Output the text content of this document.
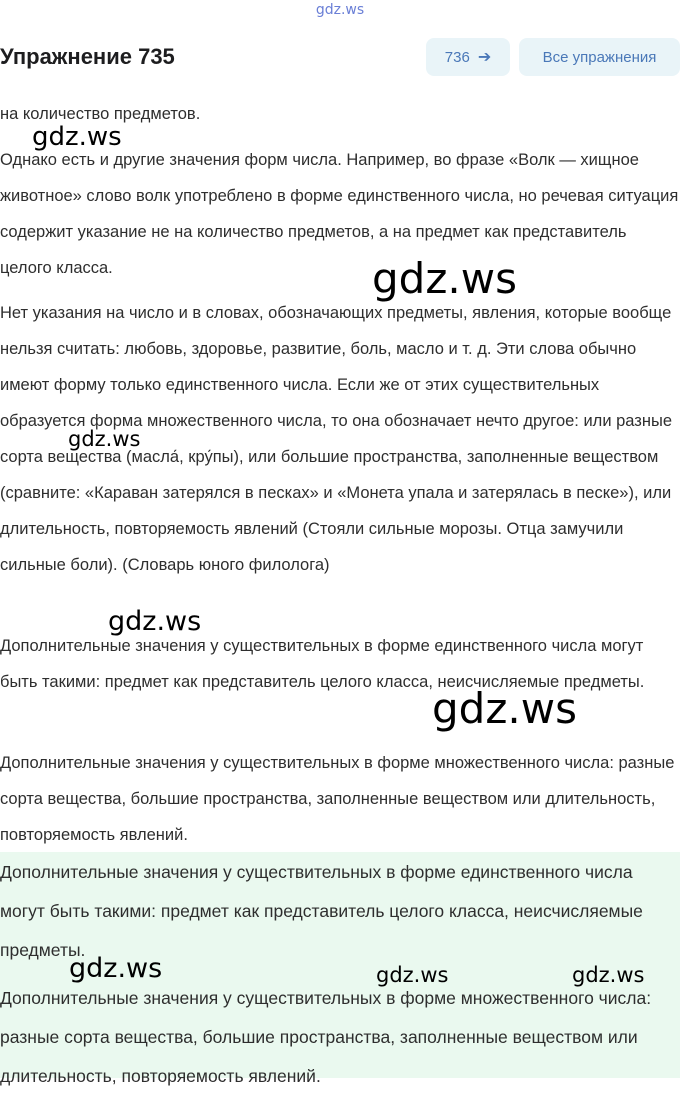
gdz.ws
Упражнение 735	736 ➔	Все упражнения
на количество предметов.
Однако есть и другие значения форм числа. Например, во фразе «Волк — хищное животное» слово волк употреблено в форме единственного числа, но речевая ситуация содержит указание не на количество предметов, а на предмет как представитель целого класса.
Нет указания на число и в словах, обозначающих предметы, явления, которые вообще нельзя считать: любовь, здоровье, развитие, боль, масло и т. д. Эти слова обычно имеют форму только единственного числа. Если же от этих существительных образуется форма множественного числа, то она обозначает нечто другое: или разные сорта вещества (масла́, кру́пы), или большие пространства, заполненные веществом (сравните: «Караван затерялся в песках» и «Монета упала и затерялась в песке»), или длительность, повторяемость явлений (Стояли сильные морозы. Отца замучили сильные боли). (Словарь юного филолога)
Дополнительные значения у существительных в форме единственного числа могут быть такими: предмет как представитель целого класса, неисчисляемые предметы.
Дополнительные значения у существительных в форме множественного числа: разные сорта вещества, большие пространства, заполненные веществом или длительность, повторяемость явлений.
Дополнительные значения у существительных в форме единственного числа могут быть такими: предмет как представитель целого класса, неисчисляемые предметы.
Дополнительные значения у существительных в форме множественного числа: разные сорта вещества, большие пространства, заполненные веществом или длительность, повторяемость явлений.
gdz.ws
gdz.ws
gdz.ws
gdz.ws
gdz.ws
gdz.ws	gdz.ws	gdz.ws
